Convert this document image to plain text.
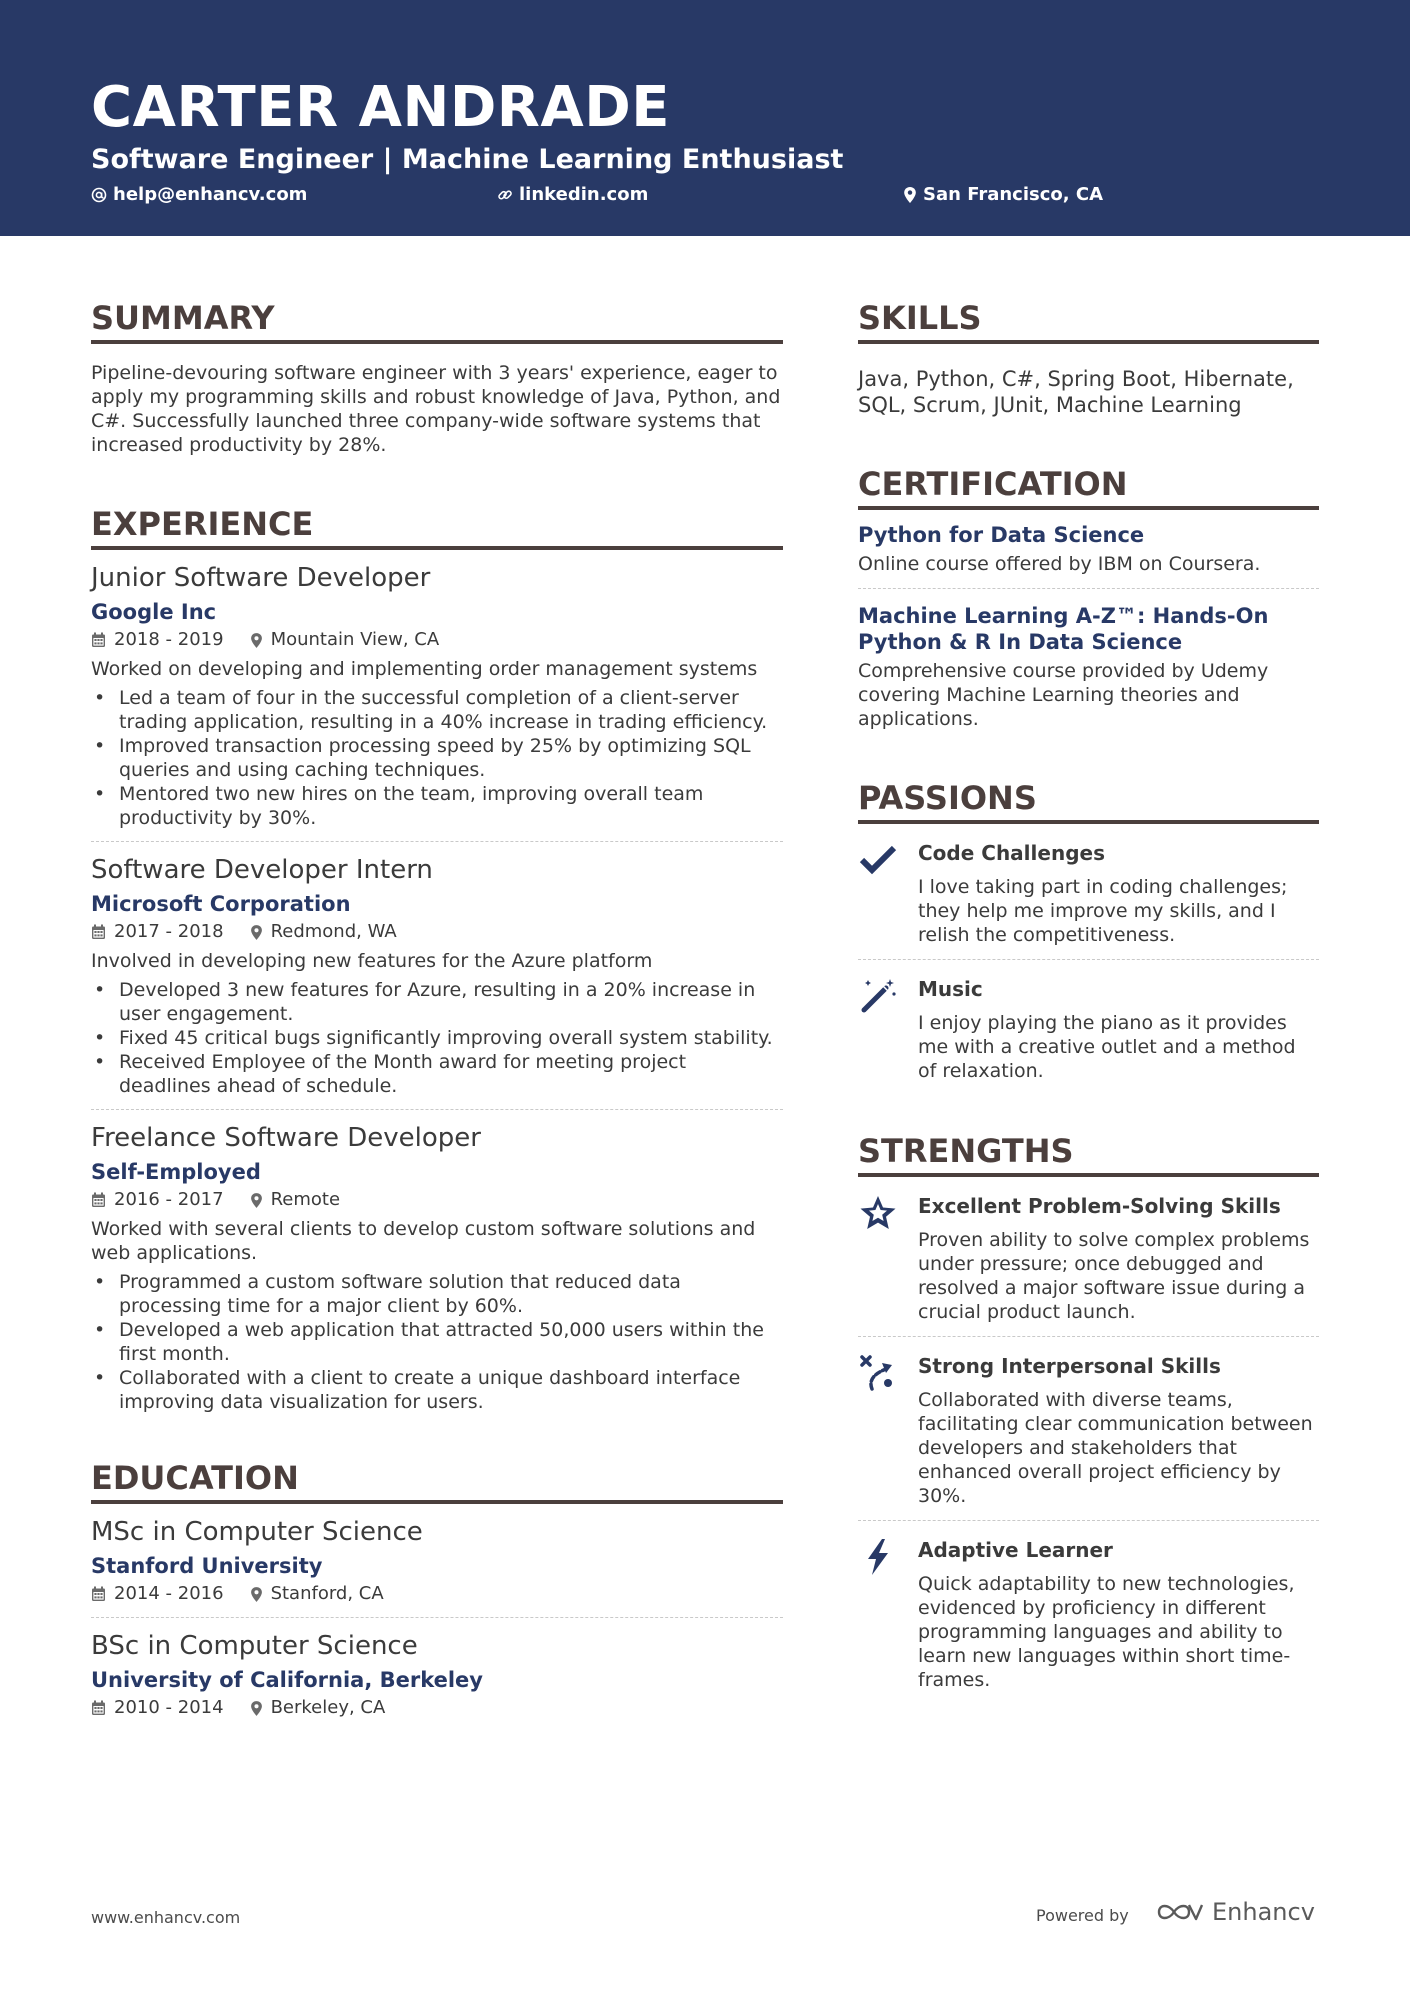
CARTER ANDRADE
Software Engineer | Machine Learning Enthusiast
help@enhancv.com	linkedin.com	San Francisco, CA
SUMMARY
Pipeline-devouring software engineer with 3 years' experience, eager to apply my programming skills and robust knowledge of Java, Python, and C#. Successfully launched three company-wide software systems that increased productivity by 28%.
EXPERIENCE
Junior Software Developer
Google Inc
2018 - 2019	Mountain View, CA
Worked on developing and implementing order management systems
• Led a team of four in the successful completion of a client-server trading application, resulting in a 40% increase in trading efficiency.
• Improved transaction processing speed by 25% by optimizing SQL queries and using caching techniques.
• Mentored two new hires on the team, improving overall team productivity by 30%.
Software Developer Intern
Microsoft Corporation
2017 - 2018	Redmond, WA
Involved in developing new features for the Azure platform
• Developed 3 new features for Azure, resulting in a 20% increase in user engagement.
• Fixed 45 critical bugs significantly improving overall system stability.
• Received Employee of the Month award for meeting project deadlines ahead of schedule.
Freelance Software Developer
Self-Employed
2016 - 2017	Remote
Worked with several clients to develop custom software solutions and web applications.
• Programmed a custom software solution that reduced data processing time for a major client by 60%.
• Developed a web application that attracted 50,000 users within the first month.
• Collaborated with a client to create a unique dashboard interface improving data visualization for users.
EDUCATION
MSc in Computer Science
Stanford University
2014 - 2016	Stanford, CA
BSc in Computer Science
University of California, Berkeley
2010 - 2014	Berkeley, CA
SKILLS
Java, Python, C#, Spring Boot, Hibernate, SQL, Scrum, JUnit, Machine Learning
CERTIFICATION
Python for Data Science
Online course offered by IBM on Coursera.
Machine Learning A-Z™: Hands-On Python & R In Data Science
Comprehensive course provided by Udemy covering Machine Learning theories and applications.
PASSIONS
Code Challenges
I love taking part in coding challenges; they help me improve my skills, and I relish the competitiveness.
Music
I enjoy playing the piano as it provides me with a creative outlet and a method of relaxation.
STRENGTHS
Excellent Problem-Solving Skills
Proven ability to solve complex problems under pressure; once debugged and resolved a major software issue during a crucial product launch.
Strong Interpersonal Skills
Collaborated with diverse teams, facilitating clear communication between developers and stakeholders that enhanced overall project efficiency by 30%.
Adaptive Learner
Quick adaptability to new technologies, evidenced by proficiency in different programming languages and ability to learn new languages within short time-frames.
www.enhancv.com	Powered by	Enhancv
